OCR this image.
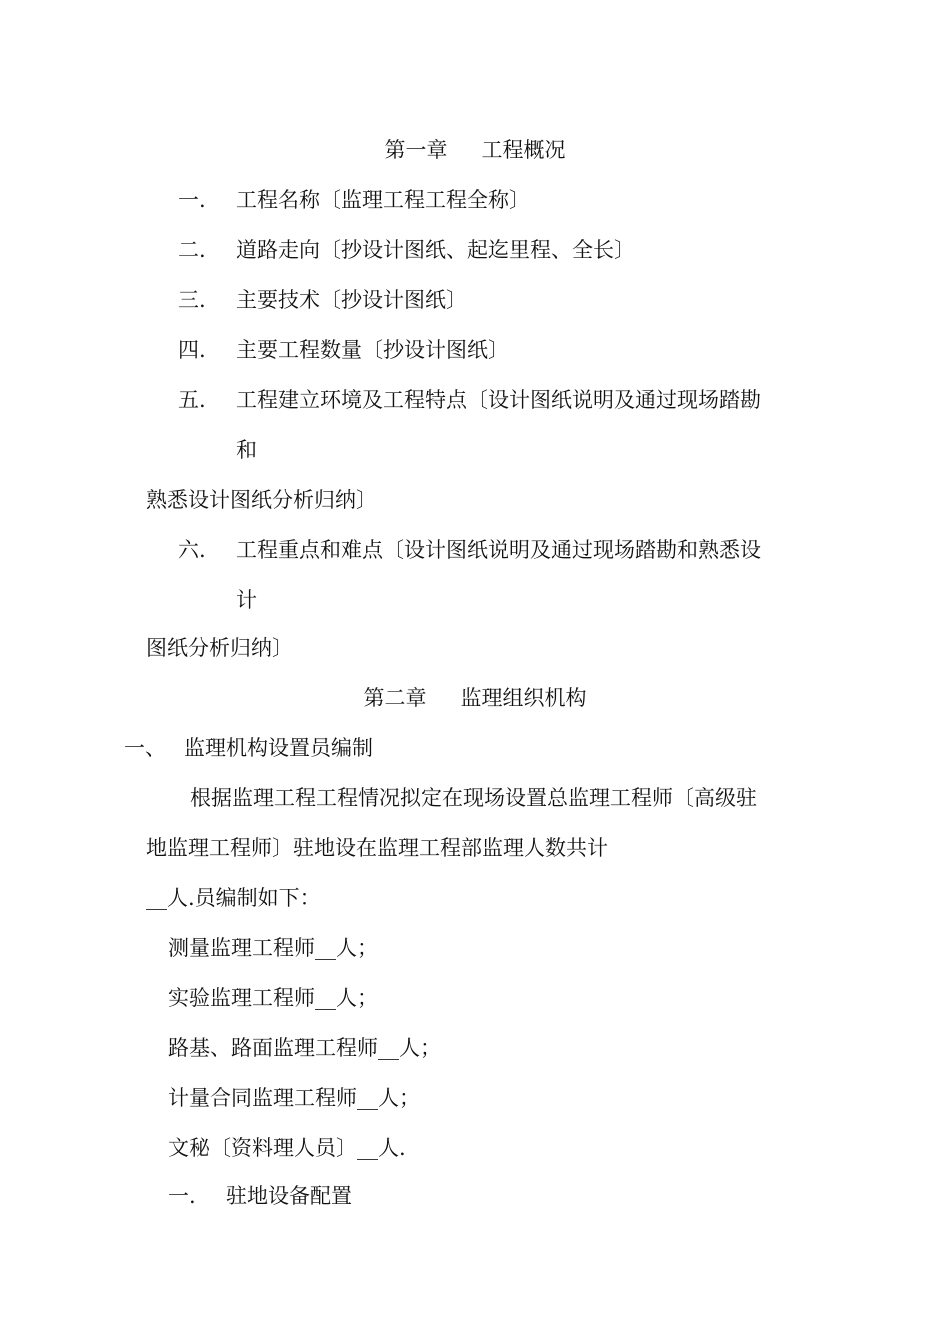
第一章 工程概况
一. 工程名称〔监理工程工程全称〕
二. 道路走向〔抄设计图纸、起迄里程、全长〕
三. 主要技术〔抄设计图纸〕
四. 主要工程数量〔抄设计图纸〕
五. 工程建立环境及工程特点〔设计图纸说明及通过现场踏勘
和
熟悉设计图纸分析归纳〕
六. 工程重点和难点〔设计图纸说明及通过现场踏勘和熟悉设
计
图纸分析归纳〕
第二章 监理组织机构
一、 监理机构设置员编制
根据监理工程工程情况拟定在现场设置总监理工程师〔高级驻
地监理工程师〕驻地设在监理工程部监理人数共计
__人.员编制如下：
测量监理工程师__人；
实验监理工程师__人；
路基、路面监理工程师__人；
计量合同监理工程师__人；
文秘〔资料理人员〕__人.
一. 驻地设备配置
